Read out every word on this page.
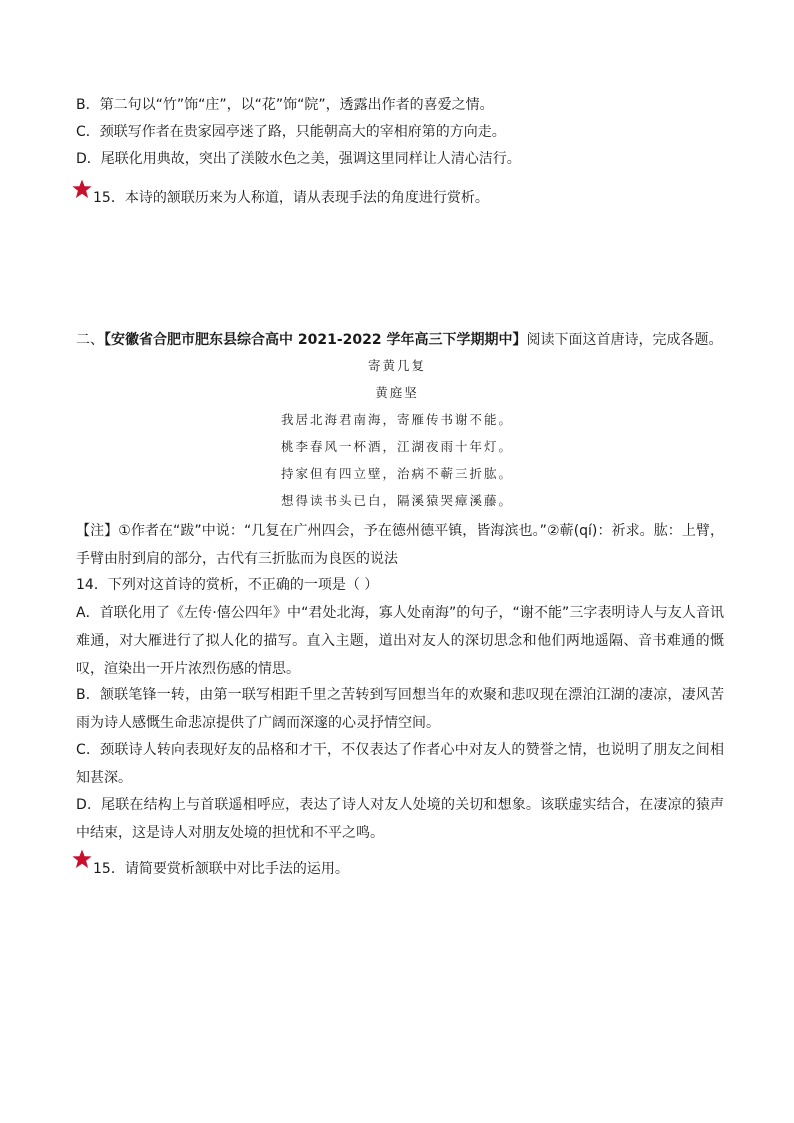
B．第二句以“竹”饰“庄”，以“花”饰“院”，透露出作者的喜爱之情。
C．颈联写作者在贵家园亭迷了路，只能朝高大的宰相府第的方向走。
D．尾联化用典故，突出了渼陂水色之美，强调这里同样让人清心洁行。
15．本诗的颔联历来为人称道，请从表现手法的角度进行赏析。
二、【安徽省合肥市肥东县综合高中 2021-2022 学年高三下学期期中】阅读下面这首唐诗，完成各题。
寄黄几复
黄庭坚
我居北海君南海，寄雁传书谢不能。
桃李春风一杯酒，江湖夜雨十年灯。
持家但有四立壁，治病不蕲三折肱。
想得读书头已白，隔溪猿哭瘴溪藤。
【注】①作者在“跋”中说：“几复在广州四会，予在德州德平镇，皆海滨也。”②蕲(qí)：祈求。肱：上臂，手臂由肘到肩的部分，古代有三折肱而为良医的说法
14．下列对这首诗的赏析，不正确的一项是（ ）
A．首联化用了《左传·僖公四年》中“君处北海，寡人处南海”的句子，“谢不能”三字表明诗人与友人音讯难通，对大雁进行了拟人化的描写。直入主题，道出对友人的深切思念和他们两地遥隔、音书难通的慨叹，渲染出一开片浓烈伤感的情思。
B．颔联笔锋一转，由第一联写相距千里之苦转到写回想当年的欢聚和悲叹现在漂泊江湖的凄凉，凄风苦雨为诗人感慨生命悲凉提供了广阔而深邃的心灵抒情空间。
C．颈联诗人转向表现好友的品格和才干，不仅表达了作者心中对友人的赞誉之情，也说明了朋友之间相知甚深。
D．尾联在结构上与首联遥相呼应，表达了诗人对友人处境的关切和想象。该联虚实结合，在凄凉的猿声中结束，这是诗人对朋友处境的担忧和不平之鸣。
15．请简要赏析颔联中对比手法的运用。
